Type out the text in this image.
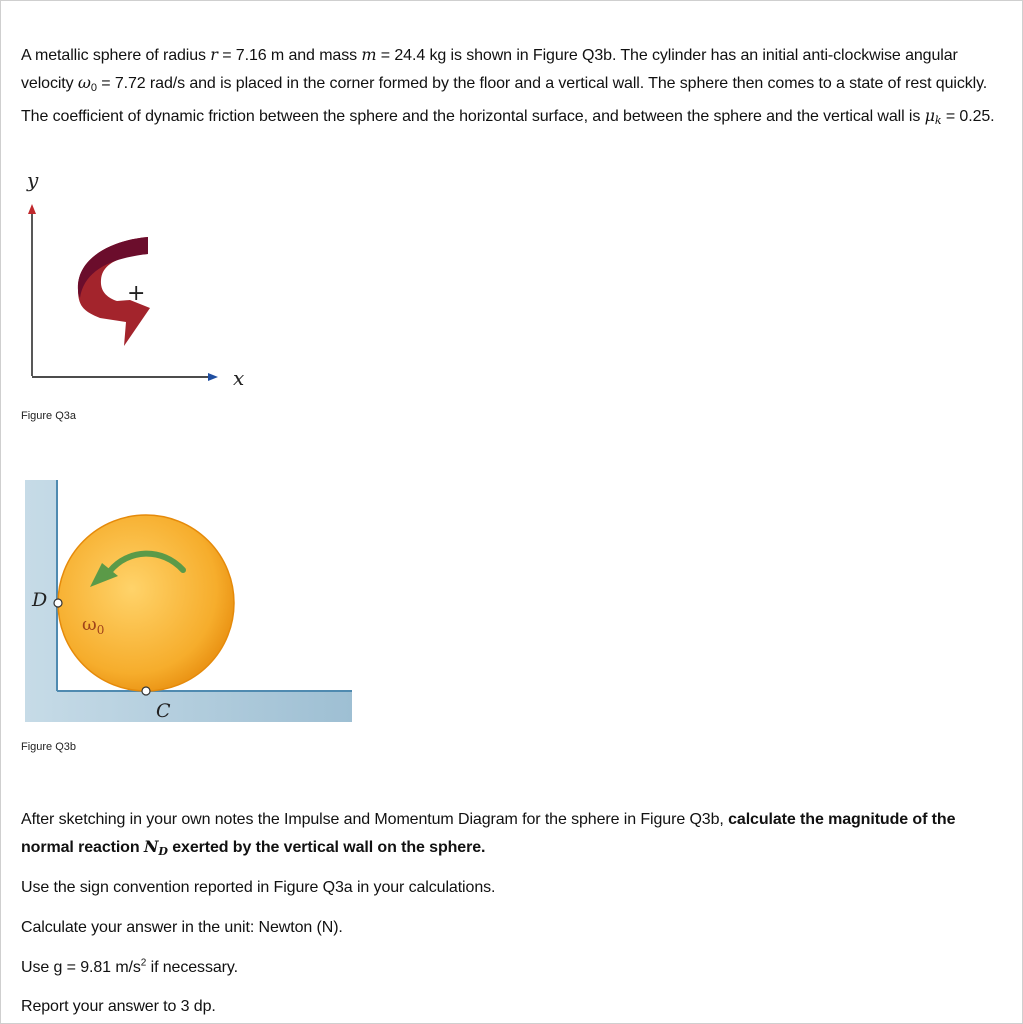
A metallic sphere of radius r = 7.16 m and mass m = 24.4 kg is shown in Figure Q3b. The cylinder has an initial anti-clockwise angular velocity $\omega_0 = 7.72$ rad/s and is placed in the corner formed by the floor and a vertical wall. The sphere then comes to a state of rest quickly. The coefficient of dynamic friction between the sphere and the horizontal surface, and between the sphere and the vertical wall is $\mu_k = 0.25$.
y
x
+
Figure Q3a
D
C
$\omega_0$
Figure Q3b
After sketching in your own notes the Impulse and Momentum Diagram for the sphere in Figure Q3b, calculate the magnitude of the normal reaction $N_D$ exerted by the vertical wall on the sphere.
Use the sign convention reported in Figure Q3a in your calculations.
Calculate your answer in the unit: Newton (N).
Use g = 9.81 $m/s^2$ if necessary.
Report your answer to 3 dp.
